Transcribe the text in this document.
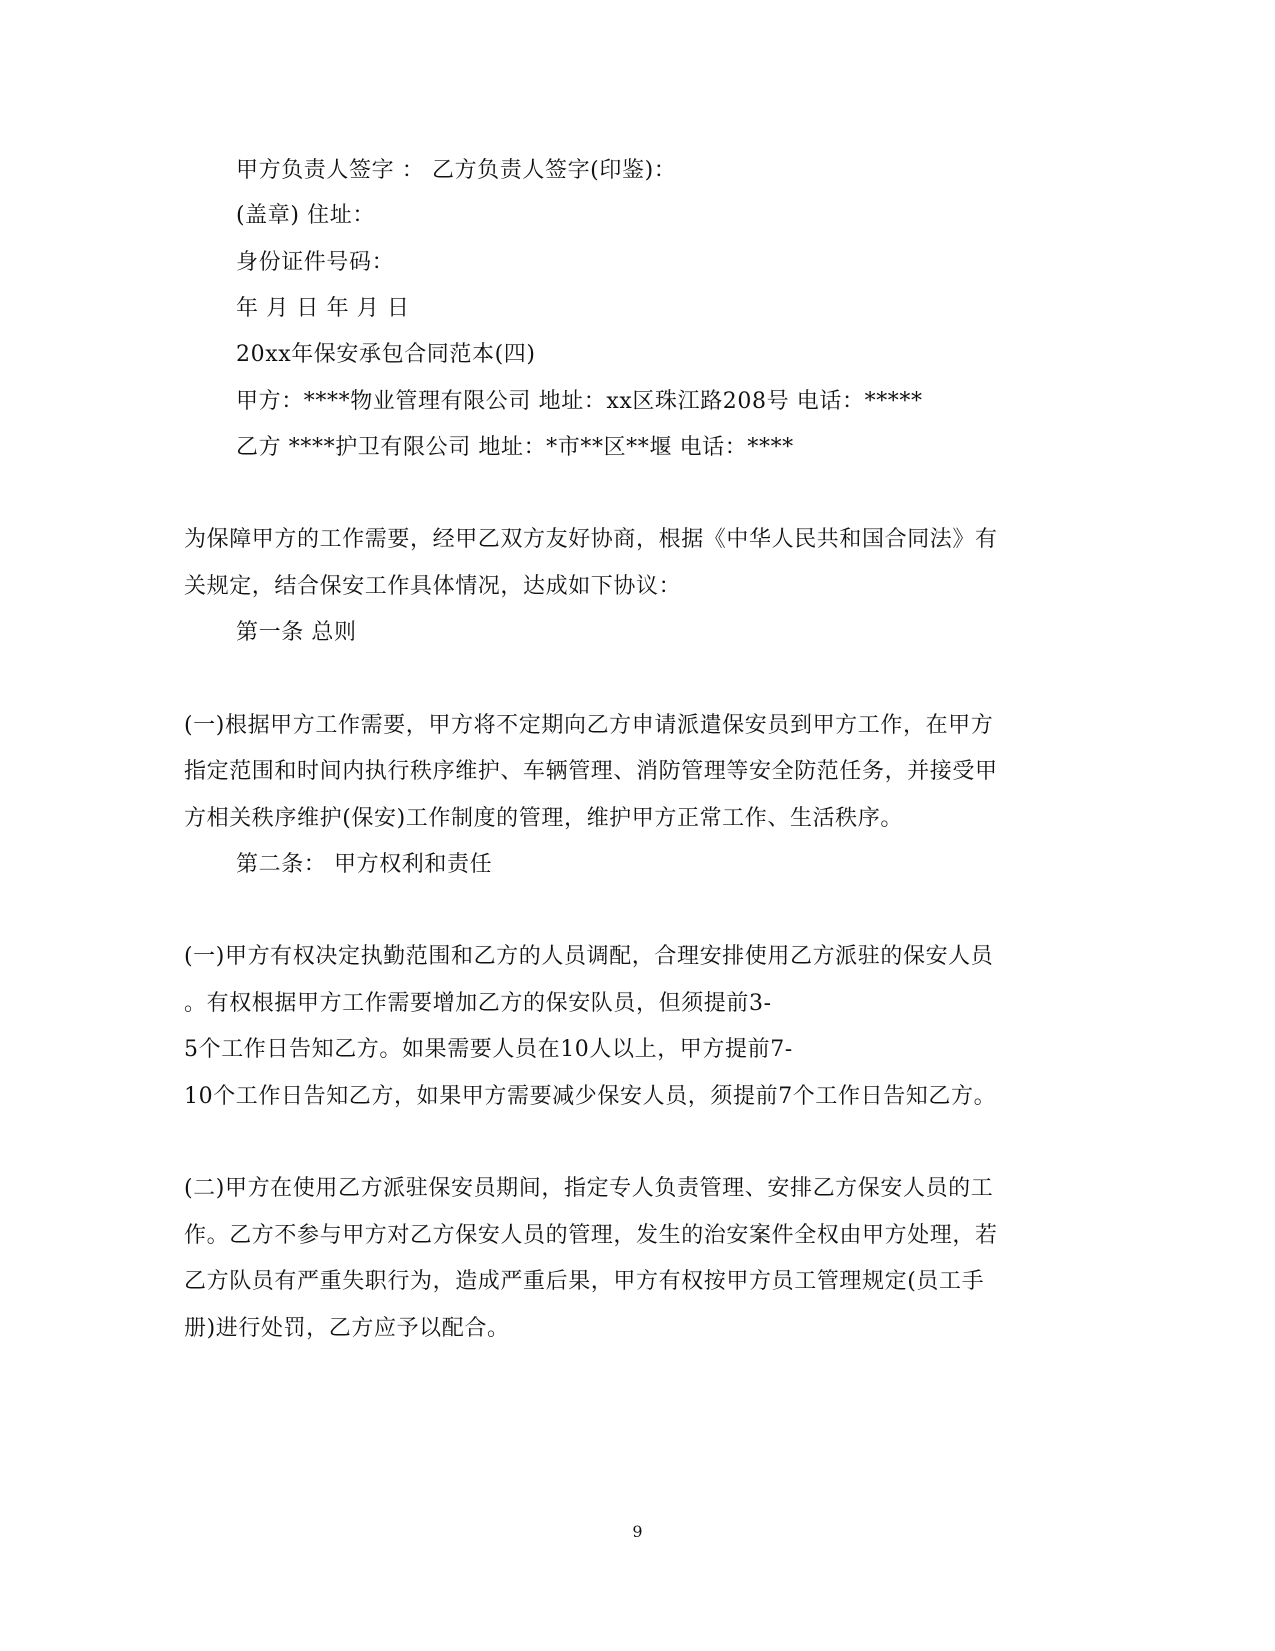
甲方负责人签字 ： 乙方负责人签字(印鉴)：
(盖章) 住址：
身份证件号码：
年 月 日 年 月 日
20xx年保安承包合同范本(四)
甲方：****物业管理有限公司 地址：xx区珠江路208号 电话：*****
乙方 ****护卫有限公司 地址：*市**区**堰 电话：****
为保障甲方的工作需要，经甲乙双方友好协商，根据《中华人民共和国合同法》有
关规定，结合保安工作具体情况，达成如下协议：
第一条 总则
(一)根据甲方工作需要，甲方将不定期向乙方申请派遣保安员到甲方工作，在甲方
指定范围和时间内执行秩序维护、车辆管理、消防管理等安全防范任务，并接受甲
方相关秩序维护(保安)工作制度的管理，维护甲方正常工作、生活秩序。
第二条： 甲方权利和责任
(一)甲方有权决定执勤范围和乙方的人员调配，合理安排使用乙方派驻的保安人员
。有权根据甲方工作需要增加乙方的保安队员，但须提前3-
5个工作日告知乙方。如果需要人员在10人以上，甲方提前7-
10个工作日告知乙方，如果甲方需要减少保安人员，须提前7个工作日告知乙方。
(二)甲方在使用乙方派驻保安员期间，指定专人负责管理、安排乙方保安人员的工
作。乙方不参与甲方对乙方保安人员的管理，发生的治安案件全权由甲方处理，若
乙方队员有严重失职行为，造成严重后果，甲方有权按甲方员工管理规定(员工手
册)进行处罚，乙方应予以配合。
9
